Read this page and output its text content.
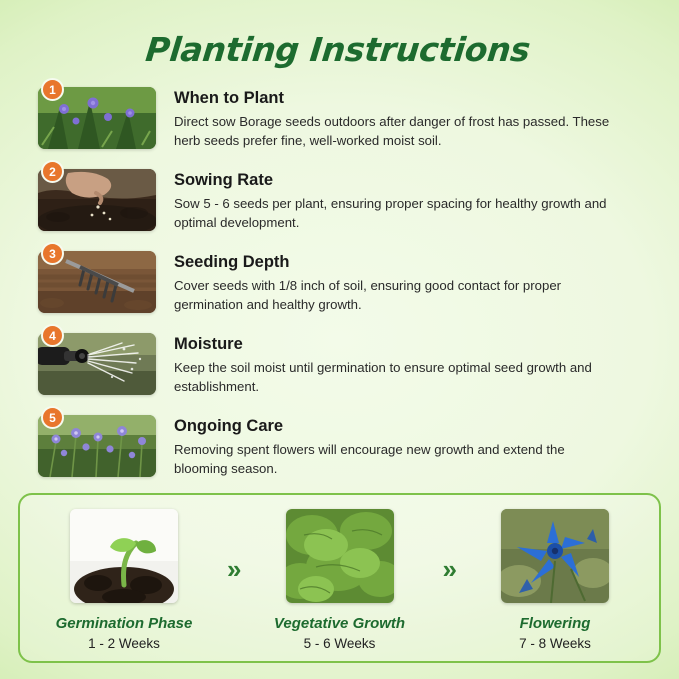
Planting Instructions
1	When to Plant
Direct sow Borage seeds outdoors after danger of frost has passed. These herb seeds prefer fine, well-worked moist soil.
2	Sowing Rate
Sow 5 - 6 seeds per plant, ensuring proper spacing for healthy growth and optimal development.
3	Seeding Depth
Cover seeds with 1/8 inch of soil, ensuring good contact for proper germination and healthy growth.
4	Moisture
Keep the soil moist until germination to ensure optimal seed growth and establishment.
5	Ongoing Care
Removing spent flowers will encourage new growth and extend the blooming season.
Germination Phase
1 - 2 Weeks
»
Vegetative Growth
5 - 6 Weeks
»
Flowering
7 - 8 Weeks
